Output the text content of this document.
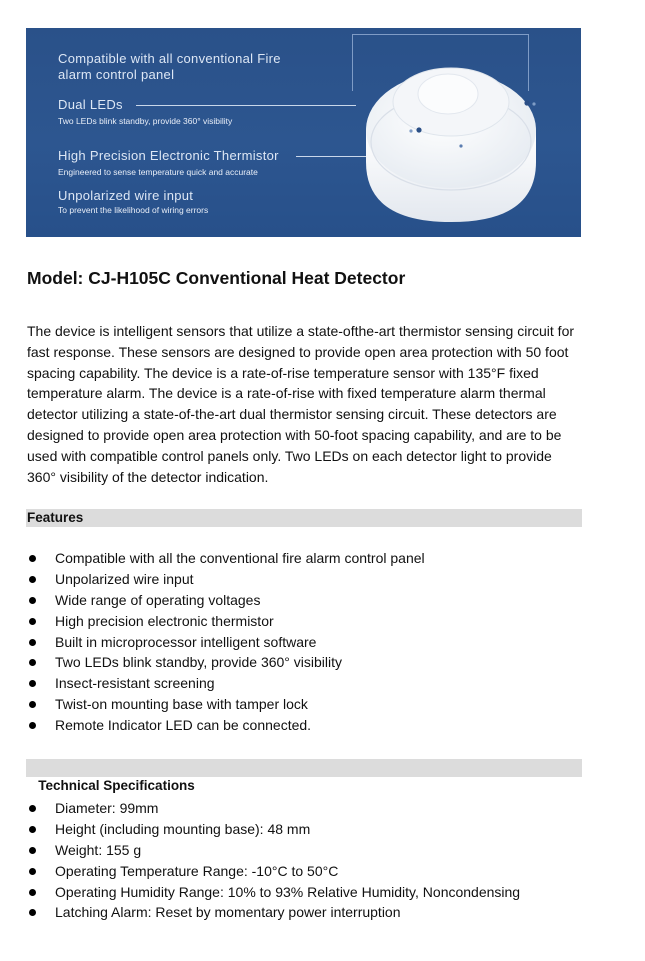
Compatible with all conventional Fire
alarm control panel
Dual LEDs
Two LEDs blink standby, provide 360° visibility
High Precision Electronic Thermistor
Engineered to sense temperature quick and accurate
Unpolarized wire input
To prevent the likelihood of wiring errors
Model: CJ-H105C Conventional Heat Detector

The device is intelligent sensors that utilize a state-ofthe-art thermistor sensing circuit for fast response. These sensors are designed to provide open area protection with 50 foot spacing capability. The device is a rate-of-rise temperature sensor with 135°F fixed temperature alarm. The device is a rate-of-rise with fixed temperature alarm thermal detector utilizing a state-of-the-art dual thermistor sensing circuit. These detectors are designed to provide open area protection with 50-foot spacing capability, and are to be used with compatible control panels only. Two LEDs on each detector light to provide 360° visibility of the detector indication.

Features
Compatible with all the conventional fire alarm control panel
Unpolarized wire input
Wide range of operating voltages
High precision electronic thermistor
Built in microprocessor intelligent software
Two LEDs blink standby, provide 360° visibility
Insect-resistant screening
Twist-on mounting base with tamper lock
Remote Indicator LED can be connected.

Technical Specifications

Diameter: 99mm
Height (including mounting base): 48 mm
Weight: 155 g
Operating Temperature Range: -10°C to 50°C
Operating Humidity Range: 10% to 93% Relative Humidity, Noncondensing
Latching Alarm: Reset by momentary power interruption
